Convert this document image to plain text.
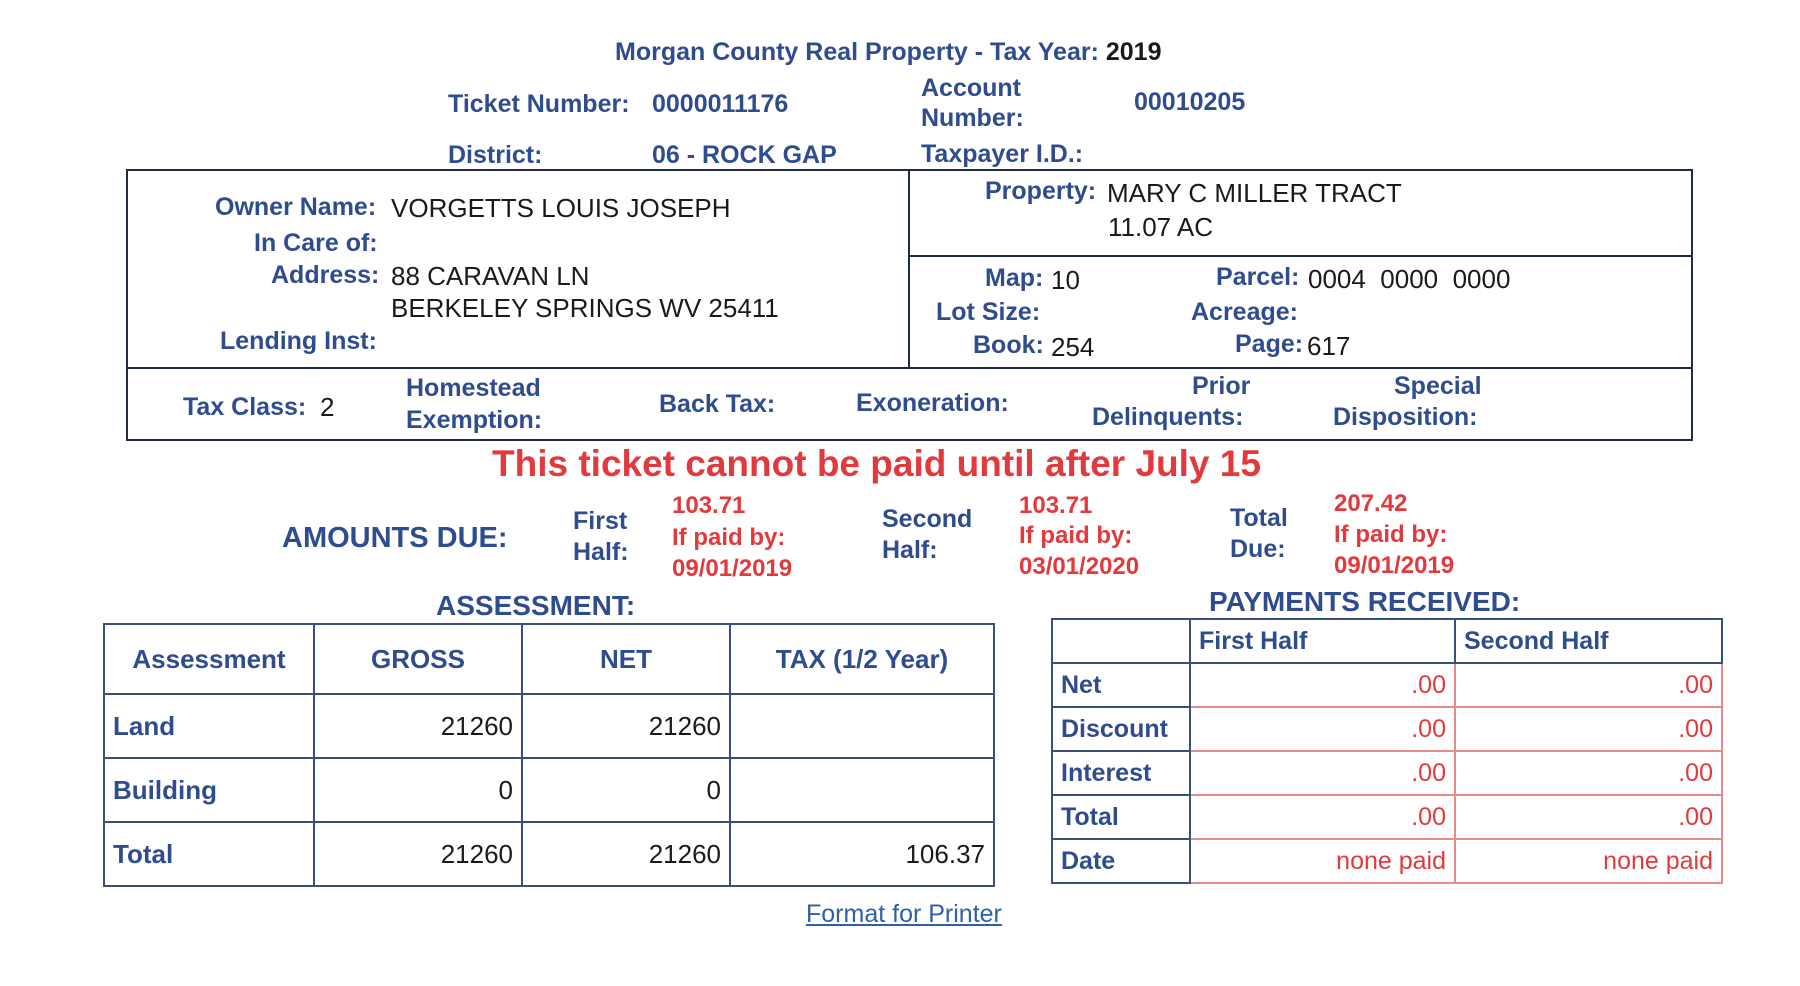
Morgan County Real Property - Tax Year: 2019
Ticket Number: 0000011176
Account
Number:
00010205
District:	06 - ROCK GAP	Taxpayer I.D.:
Owner Name: VORGETTS LOUIS JOSEPH
In Care of:
Address: 88 CARAVAN LN
BERKELEY SPRINGS WV 25411
Lending Inst:
Property: MARY C MILLER TRACT
11.07 AC
Map: 10	Parcel: 0004  0000  0000
Lot Size:	Acreage:
Book: 254	Page: 617
Tax Class: 2
Homestead
Exemption:
Back Tax:	Exoneration:
Prior
Delinquents:
Special
Disposition:
This ticket cannot be paid until after July 15
AMOUNTS DUE:
First
Half:
103.71
If paid by:
09/01/2019
Second
Half:
103.71
If paid by:
03/01/2020
Total
Due:
207.42
If paid by:
09/01/2019
ASSESSMENT:
Assessment	GROSS	NET	TAX (1/2 Year)
Land	21260	21260	
Building	0	0	
Total	21260	21260	106.37
PAYMENTS RECEIVED:
	First Half	Second Half
Net	.00	.00
Discount	.00	.00
Interest	.00	.00
Total	.00	.00
Date	none paid	none paid
Format for Printer
